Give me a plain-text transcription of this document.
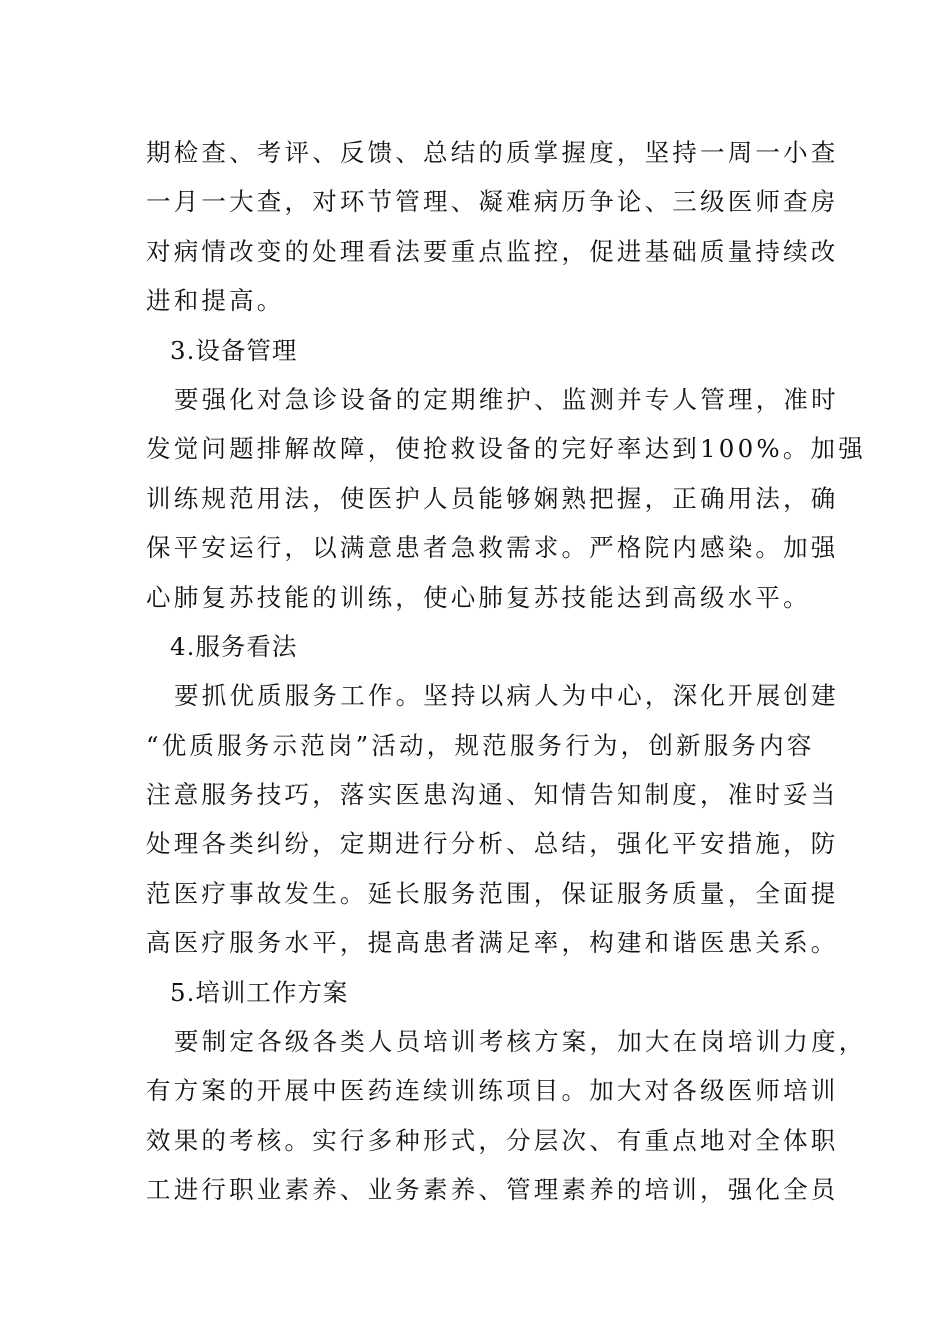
期检查、考评、反馈、总结的质掌握度，坚持一周一小查
一月一大查，对环节管理、凝难病历争论、三级医师查房
对病情改变的处理看法要重点监控，促进基础质量持续改
进和提高。
3.设备管理
要强化对急诊设备的定期维护、监测并专人管理，准时
发觉问题排解故障，使抢救设备的完好率达到100%。加强
训练规范用法，使医护人员能够娴熟把握，正确用法，确
保平安运行，以满意患者急救需求。严格院内感染。加强
心肺复苏技能的训练，使心肺复苏技能达到高级水平。
4.服务看法
要抓优质服务工作。坚持以病人为中心，深化开展创建
“优质服务示范岗”活动，规范服务行为，创新服务内容
注意服务技巧，落实医患沟通、知情告知制度，准时妥当
处理各类纠纷，定期进行分析、总结，强化平安措施，防
范医疗事故发生。延长服务范围，保证服务质量，全面提
高医疗服务水平，提高患者满足率，构建和谐医患关系。
5.培训工作方案
要制定各级各类人员培训考核方案，加大在岗培训力度，
有方案的开展中医药连续训练项目。加大对各级医师培训
效果的考核。实行多种形式，分层次、有重点地对全体职
工进行职业素养、业务素养、管理素养的培训，强化全员
